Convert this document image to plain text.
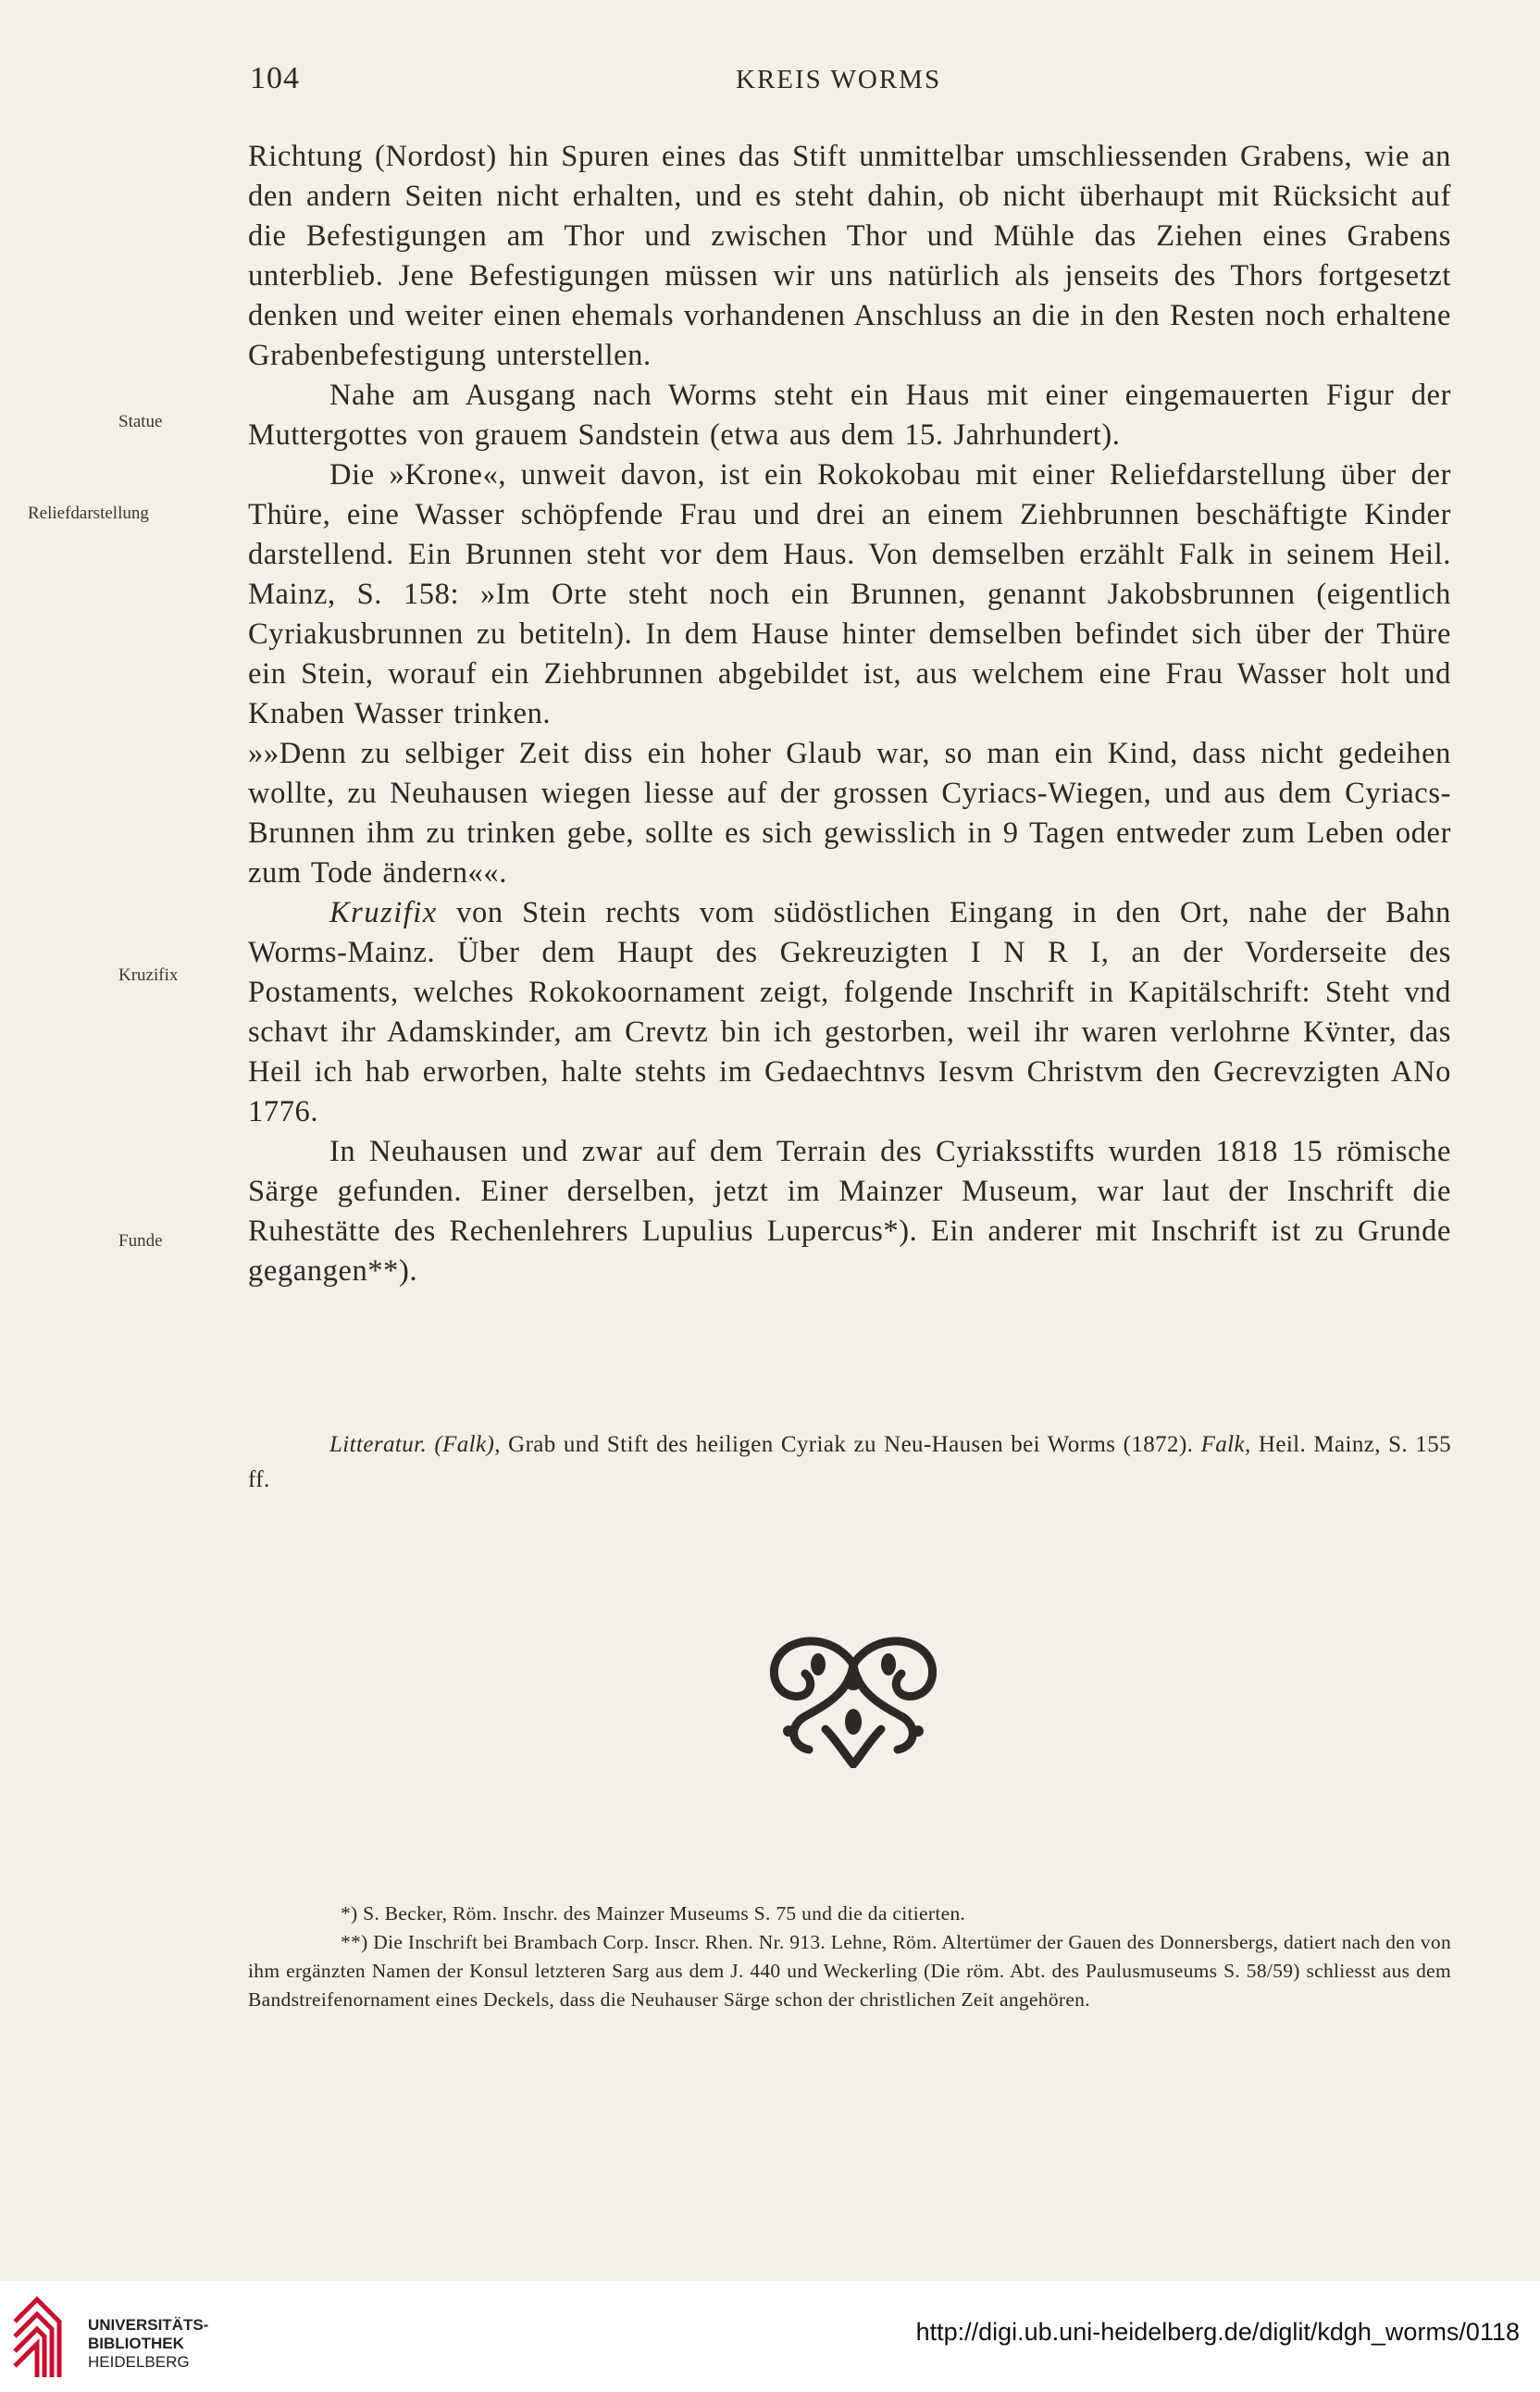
104	KREIS WORMS
Statue
Reliefdarstellung
Kruzifix
Funde

Richtung (Nordost) hin Spuren eines das Stift unmittelbar umschliessenden Grabens, wie an den andern Seiten nicht erhalten, und es steht dahin, ob nicht überhaupt mit Rücksicht auf die Befestigungen am Thor und zwischen Thor und Mühle das Ziehen eines Grabens unterblieb. Jene Befestigungen müssen wir uns natürlich als jenseits des Thors fortgesetzt denken und weiter einen ehemals vorhandenen Anschluss an die in den Resten noch erhaltene Grabenbefestigung unterstellen.

Nahe am Ausgang nach Worms steht ein Haus mit einer eingemauerten Figur der Muttergottes von grauem Sandstein (etwa aus dem 15. Jahrhundert).

Die »Krone«, unweit davon, ist ein Rokokobau mit einer Reliefdarstellung über der Thüre, eine Wasser schöpfende Frau und drei an einem Ziehbrunnen beschäftigte Kinder darstellend. Ein Brunnen steht vor dem Haus. Von demselben erzählt Falk in seinem Heil. Mainz, S. 158: »Im Orte steht noch ein Brunnen, genannt Jakobsbrunnen (eigentlich Cyriakusbrunnen zu betiteln). In dem Hause hinter demselben befindet sich über der Thüre ein Stein, worauf ein Ziehbrunnen abgebildet ist, aus welchem eine Frau Wasser holt und Knaben Wasser trinken.

»»Denn zu selbiger Zeit diss ein hoher Glaub war, so man ein Kind, dass nicht gedeihen wollte, zu Neuhausen wiegen liesse auf der grossen Cyriacs-Wiegen, und aus dem Cyriacs-Brunnen ihm zu trinken gebe, sollte es sich gewisslich in 9 Tagen entweder zum Leben oder zum Tode ändern««.

Kruzifix von Stein rechts vom südöstlichen Eingang in den Ort, nahe der Bahn Worms-Mainz. Über dem Haupt des Gekreuzigten I N R I, an der Vorderseite des Postaments, welches Rokokoornament zeigt, folgende Inschrift in Kapitälschrift: Steht vnd schavt ihr Adamskinder, am Crevtz bin ich gestorben, weil ihr waren verlohrne Kv̈nter, das Heil ich hab erworben, halte stehts im Gedaechtnvs Iesvm Christvm den Gecrevzigten ANo 1776.

In Neuhausen und zwar auf dem Terrain des Cyriaksstifts wurden 1818 15 römische Särge gefunden. Einer derselben, jetzt im Mainzer Museum, war laut der Inschrift die Ruhestätte des Rechenlehrers Lupulius Lupercus*). Ein anderer mit Inschrift ist zu Grunde gegangen**).

Litteratur. (Falk), Grab und Stift des heiligen Cyriak zu Neu-Hausen bei Worms (1872). Falk, Heil. Mainz, S. 155 ff.

*) S. Becker, Röm. Inschr. des Mainzer Museums S. 75 und die da citierten.

**) Die Inschrift bei Brambach Corp. Inscr. Rhen. Nr. 913. Lehne, Röm. Altertümer der Gauen des Donnersbergs, datiert nach den von ihm ergänzten Namen der Konsul letzteren Sarg aus dem J. 440 und Weckerling (Die röm. Abt. des Paulusmuseums S. 58/59) schliesst aus dem Bandstreifenornament eines Deckels, dass die Neuhauser Särge schon der christlichen Zeit angehören.

UNIVERSITÄTS-
BIBLIOTHEK
HEIDELBERG
http://digi.ub.uni-heidelberg.de/diglit/kdgh_worms/0118
